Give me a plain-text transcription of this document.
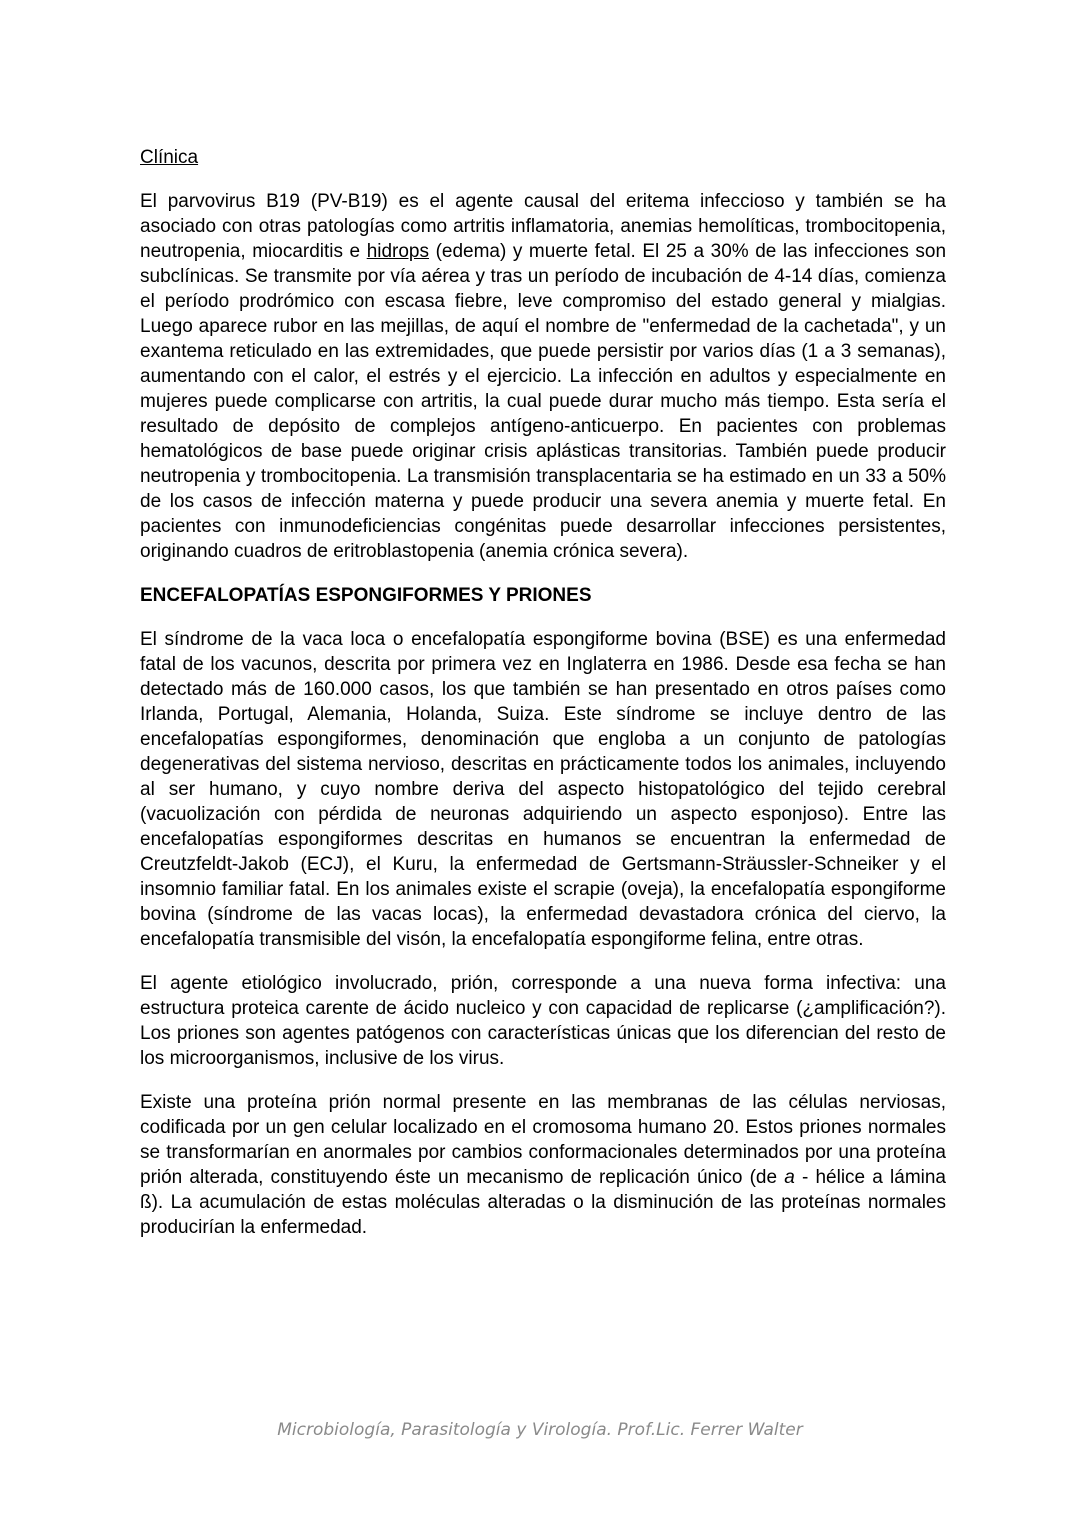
Clínica

El parvovirus B19 (PV-B19) es el agente causal del eritema infeccioso y también se ha asociado con otras patologías como artritis inflamatoria, anemias hemolíticas, trombocitopenia, neutropenia, miocarditis e hidrops (edema) y muerte fetal. El 25 a 30% de las infecciones son subclínicas. Se transmite por vía aérea y tras un período de incubación de 4-14 días, comienza el período prodrómico con escasa fiebre, leve compromiso del estado general y mialgias. Luego aparece rubor en las mejillas, de aquí el nombre de "enfermedad de la cachetada", y un exantema reticulado en las extremidades, que puede persistir por varios días (1 a 3 semanas), aumentando con el calor, el estrés y el ejercicio. La infección en adultos y especialmente en mujeres puede complicarse con artritis, la cual puede durar mucho más tiempo. Esta sería el resultado de depósito de complejos antígeno-anticuerpo. En pacientes con problemas hematológicos de base puede originar crisis aplásticas transitorias. También puede producir neutropenia y trombocitopenia. La transmisión transplacentaria se ha estimado en un 33 a 50% de los casos de infección materna y puede producir una severa anemia y muerte fetal. En pacientes con inmunodeficiencias congénitas puede desarrollar infecciones persistentes, originando cuadros de eritroblastopenia (anemia crónica severa).

ENCEFALOPATÍAS ESPONGIFORMES Y PRIONES

El síndrome de la vaca loca o encefalopatía espongiforme bovina (BSE) es una enfermedad fatal de los vacunos, descrita por primera vez en Inglaterra en 1986. Desde esa fecha se han detectado más de 160.000 casos, los que también se han presentado en otros países como Irlanda, Portugal, Alemania, Holanda, Suiza. Este síndrome se incluye dentro de las encefalopatías espongiformes, denominación que engloba a un conjunto de patologías degenerativas del sistema nervioso, descritas en prácticamente todos los animales, incluyendo al ser humano, y cuyo nombre deriva del aspecto histopatológico del tejido cerebral (vacuolización con pérdida de neuronas adquiriendo un aspecto esponjoso). Entre las encefalopatías espongiformes descritas en humanos se encuentran la enfermedad de Creutzfeldt-Jakob (ECJ), el Kuru, la enfermedad de Gertsmann-Sträussler-Schneiker y el insomnio familiar fatal. En los animales existe el scrapie (oveja), la encefalopatía espongiforme bovina (síndrome de las vacas locas), la enfermedad devastadora crónica del ciervo, la encefalopatía transmisible del visón, la encefalopatía espongiforme felina, entre otras.

El agente etiológico involucrado, prión, corresponde a una nueva forma infectiva: una estructura proteica carente de ácido nucleico y con capacidad de replicarse (¿amplificación?). Los priones son agentes patógenos con características únicas que los diferencian del resto de los microorganismos, inclusive de los virus.

Existe una proteína prión normal presente en las membranas de las células nerviosas, codificada por un gen celular localizado en el cromosoma humano 20. Estos priones normales se transformarían en anormales por cambios conformacionales determinados por una proteína prión alterada, constituyendo éste un mecanismo de replicación único (de a - hélice a lámina ß). La acumulación de estas moléculas alteradas o la disminución de las proteínas normales producirían la enfermedad.

Microbiología, Parasitología y Virología. Prof.Lic. Ferrer Walter
